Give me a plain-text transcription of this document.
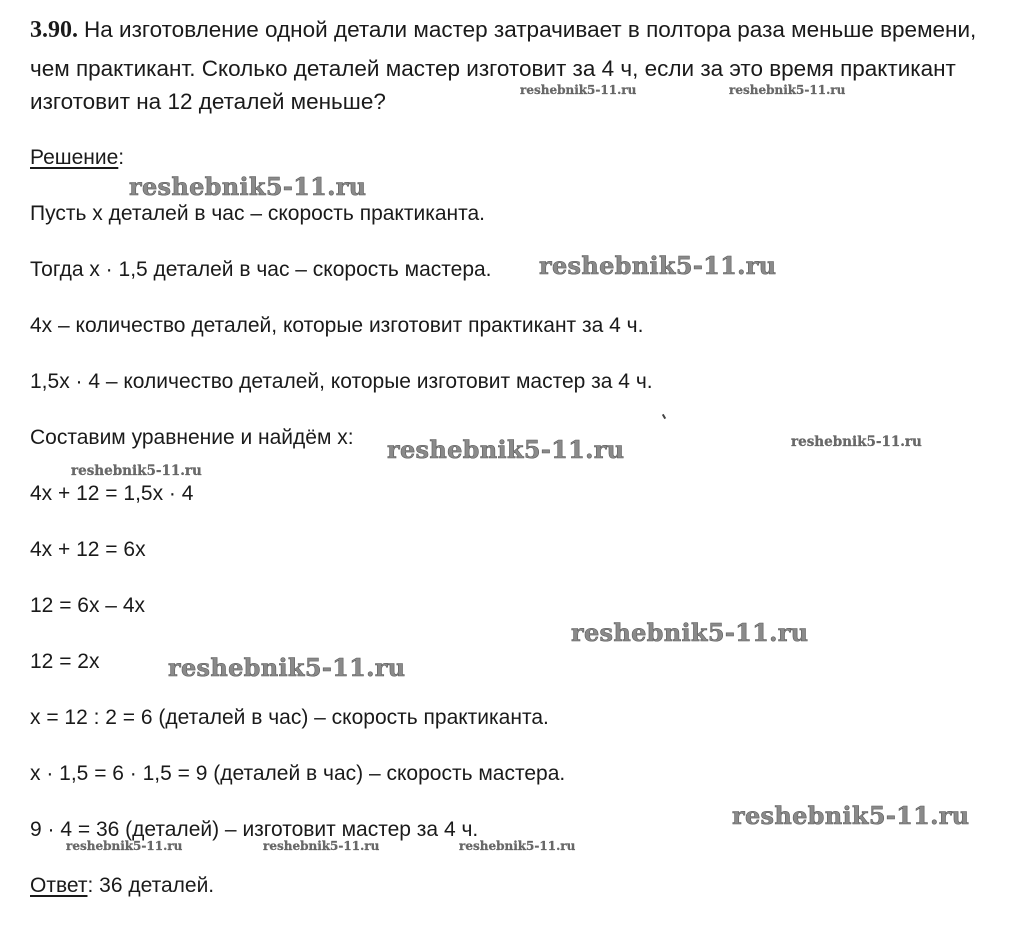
3.90. На изготовление одной детали мастер затрачивает в полтора раза меньше времени,
чем практикант. Сколько деталей мастер изготовит за 4 ч, если за это время практикант
изготовит на 12 деталей меньше?
Решение:
Пусть х деталей в час – скорость практиканта.
Тогда х · 1,5 деталей в час – скорость мастера.
4х – количество деталей, которые изготовит практикант за 4 ч.
1,5х · 4 – количество деталей, которые изготовит мастер за 4 ч.
Составим уравнение и найдём х:
4х + 12 = 1,5х · 4
4х + 12 = 6х
12 = 6х – 4х
12 = 2х
х = 12 : 2 = 6 (деталей в час) – скорость практиканта.
х · 1,5 = 6 · 1,5 = 9 (деталей в час) – скорость мастера.
9 · 4 = 36 (деталей) – изготовит мастер за 4 ч.
Ответ: 36 деталей.
reshebnik5-11.ru	reshebnik5-11.ru
reshebnik5-11.ru
reshebnik5-11.ru
reshebnik5-11.ru	reshebnik5-11.ru
reshebnik5-11.ru
reshebnik5-11.ru
reshebnik5-11.ru
reshebnik5-11.ru
reshebnik5-11.ru	reshebnik5-11.ru	reshebnik5-11.ru
